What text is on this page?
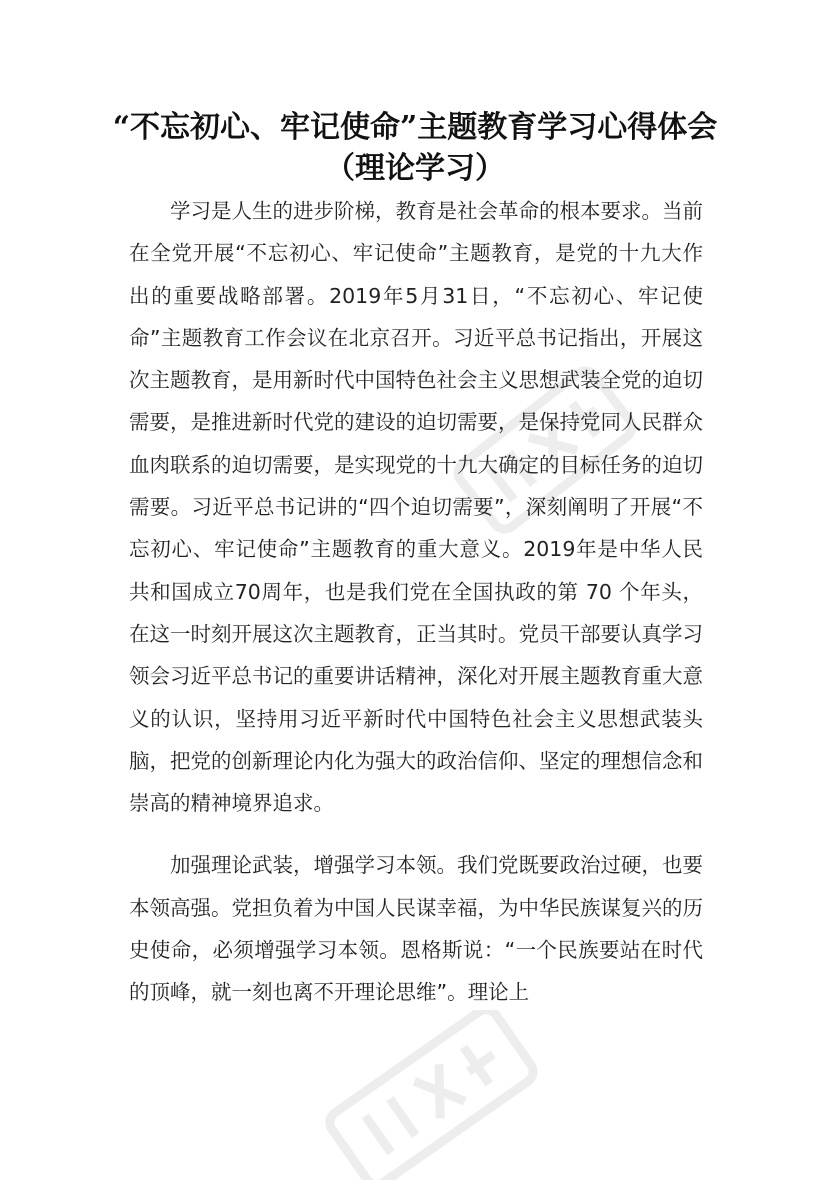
“不忘初心、牢记使命”主题教育学习心得体会
（理论学习）

学习是人生的进步阶梯，教育是社会革命的根本要求。当前在全党开展“不忘初心、牢记使命”主题教育，是党的十九大作出的重要战略部署。2019年5月31日，“不忘初心、牢记使命”主题教育工作会议在北京召开。习近平总书记指出，开展这次主题教育，是用新时代中国特色社会主义思想武装全党的迫切需要，是推进新时代党的建设的迫切需要，是保持党同人民群众血肉联系的迫切需要，是实现党的十九大确定的目标任务的迫切需要。习近平总书记讲的“四个迫切需要”，深刻阐明了开展“不忘初心、牢记使命”主题教育的重大意义。2019年是中华人民共和国成立70周年，也是我们党在全国执政的第 70 个年头，在这一时刻开展这次主题教育，正当其时。党员干部要认真学习领会习近平总书记的重要讲话精神，深化对开展主题教育重大意义的认识，坚持用习近平新时代中国特色社会主义思想武装头脑，把党的创新理论内化为强大的政治信仰、坚定的理想信念和崇高的精神境界追求。

加强理论武装，增强学习本领。我们党既要政治过硬，也要本领高强。党担负着为中国人民谋幸福，为中华民族谋复兴的历史使命，必须增强学习本领。恩格斯说：“一个民族要站在时代的顶峰，就一刻也离不开理论思维”。理论上
